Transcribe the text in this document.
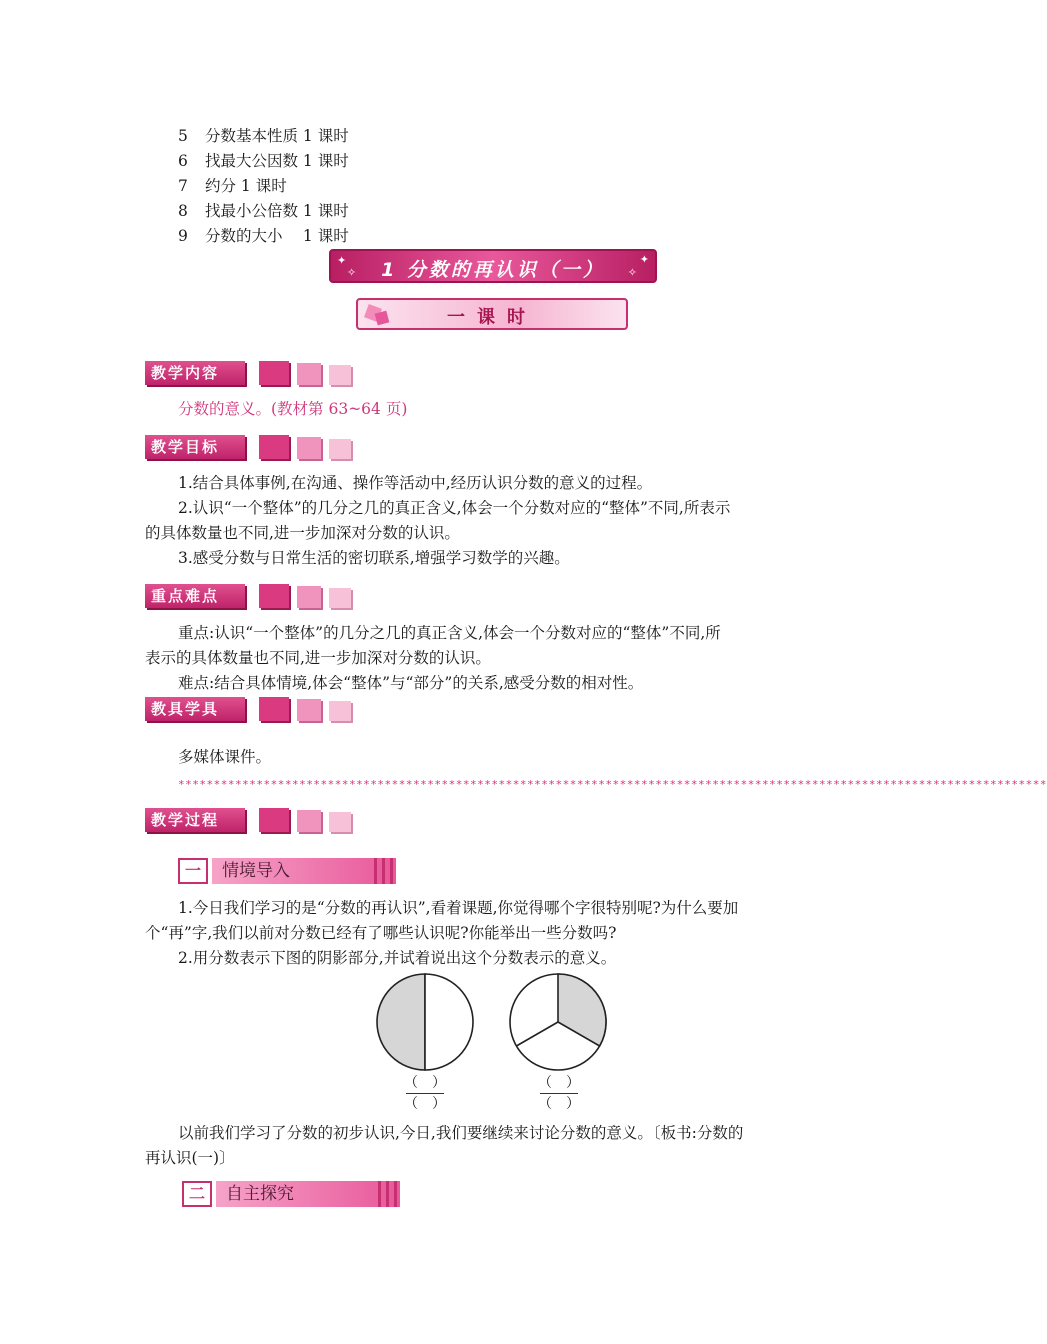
5 分数基本性质 1 课时
6 找最大公因数 1 课时
7 约分 1 课时
8 找最小公倍数 1 课时
9 分数的大小　 1 课时
✦
✧
✦
✧
1 分数的再认识（一）
一课时
教学内容
分数的意义。(教材第 63~64 页)
教学目标
1.结合具体事例,在沟通、操作等活动中,经历认识分数的意义的过程。
2.认识“一个整体”的几分之几的真正含义,体会一个分数对应的“整体”不同,所表示
的具体数量也不同,进一步加深对分数的认识。
3.感受分数与日常生活的密切联系,增强学习数学的兴趣。
重点难点
重点:认识“一个整体”的几分之几的真正含义,体会一个分数对应的“整体”不同,所
表示的具体数量也不同,进一步加深对分数的认识。
难点:结合具体情境,体会“整体”与“部分”的关系,感受分数的相对性。
教具学具
多媒体课件。
**************************************************************************************************************************
教学过程
一	情境导入
1.今日我们学习的是“分数的再认识”,看着课题,你觉得哪个字很特别呢?为什么要加
个“再”字,我们以前对分数已经有了哪些认识呢?你能举出一些分数吗?
2.用分数表示下图的阴影部分,并试着说出这个分数表示的意义。
（　）
（　）
（　）
（　）
以前我们学习了分数的初步认识,今日,我们要继续来讨论分数的意义。〔板书:分数的
再认识(一)〕
二	自主探究
